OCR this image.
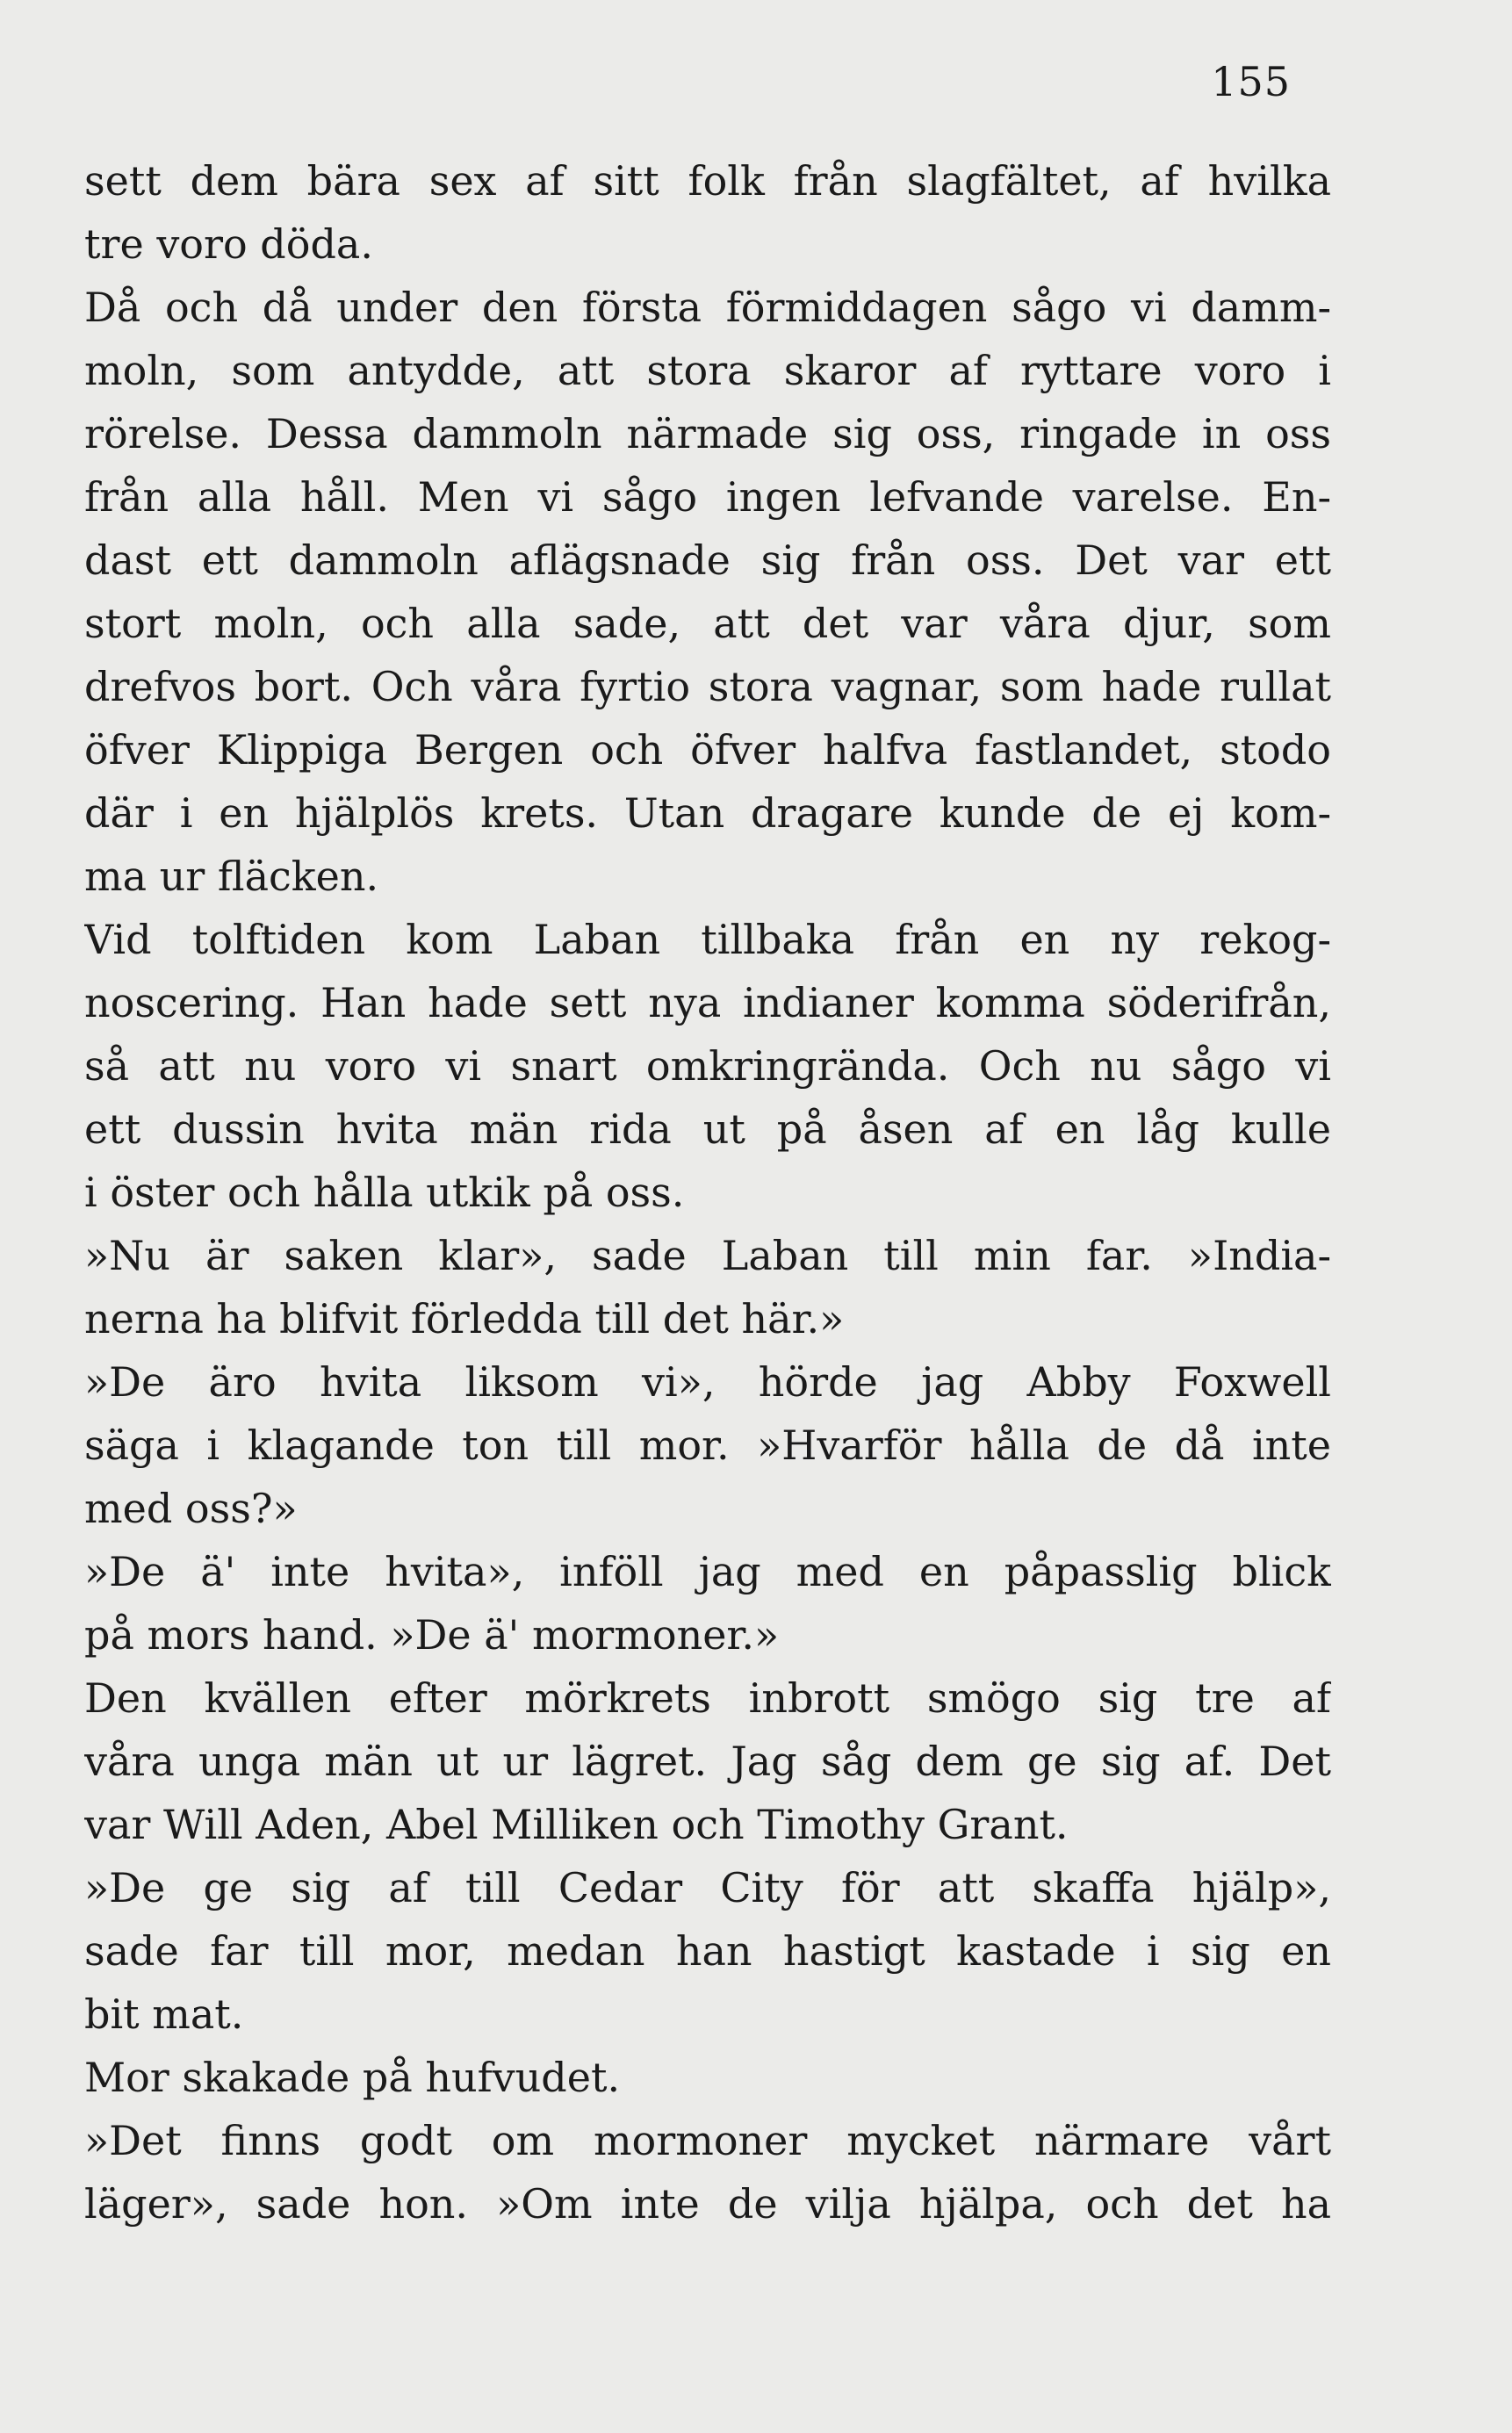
155
sett dem bära sex af sitt folk från slagfältet, af hvilka
tre voro döda.
Då och då under den första förmiddagen sågo vi damm-
moln, som antydde, att stora skaror af ryttare voro i
rörelse. Dessa dammoln närmade sig oss, ringade in oss
från alla håll. Men vi sågo ingen lefvande varelse. En-
dast ett dammoln aflägsnade sig från oss. Det var ett
stort moln, och alla sade, att det var våra djur, som
drefvos bort. Och våra fyrtio stora vagnar, som hade rullat
öfver Klippiga Bergen och öfver halfva fastlandet, stodo
där i en hjälplös krets. Utan dragare kunde de ej kom-
ma ur fläcken.
Vid tolftiden kom Laban tillbaka från en ny rekog-
noscering. Han hade sett nya indianer komma söderifrån,
så att nu voro vi snart omkringrända. Och nu sågo vi
ett dussin hvita män rida ut på åsen af en låg kulle
i öster och hålla utkik på oss.
»Nu är saken klar», sade Laban till min far. »India-
nerna ha blifvit förledda till det här.»
»De äro hvita liksom vi», hörde jag Abby Foxwell
säga i klagande ton till mor. »Hvarför hålla de då inte
med oss?»
»De ä' inte hvita», inföll jag med en påpasslig blick
på mors hand. »De ä' mormoner.»
Den kvällen efter mörkrets inbrott smögo sig tre af
våra unga män ut ur lägret. Jag såg dem ge sig af. Det
var Will Aden, Abel Milliken och Timothy Grant.
»De ge sig af till Cedar City för att skaffa hjälp»,
sade far till mor, medan han hastigt kastade i sig en
bit mat.
Mor skakade på hufvudet.
»Det finns godt om mormoner mycket närmare vårt
läger», sade hon. »Om inte de vilja hjälpa, och det ha
